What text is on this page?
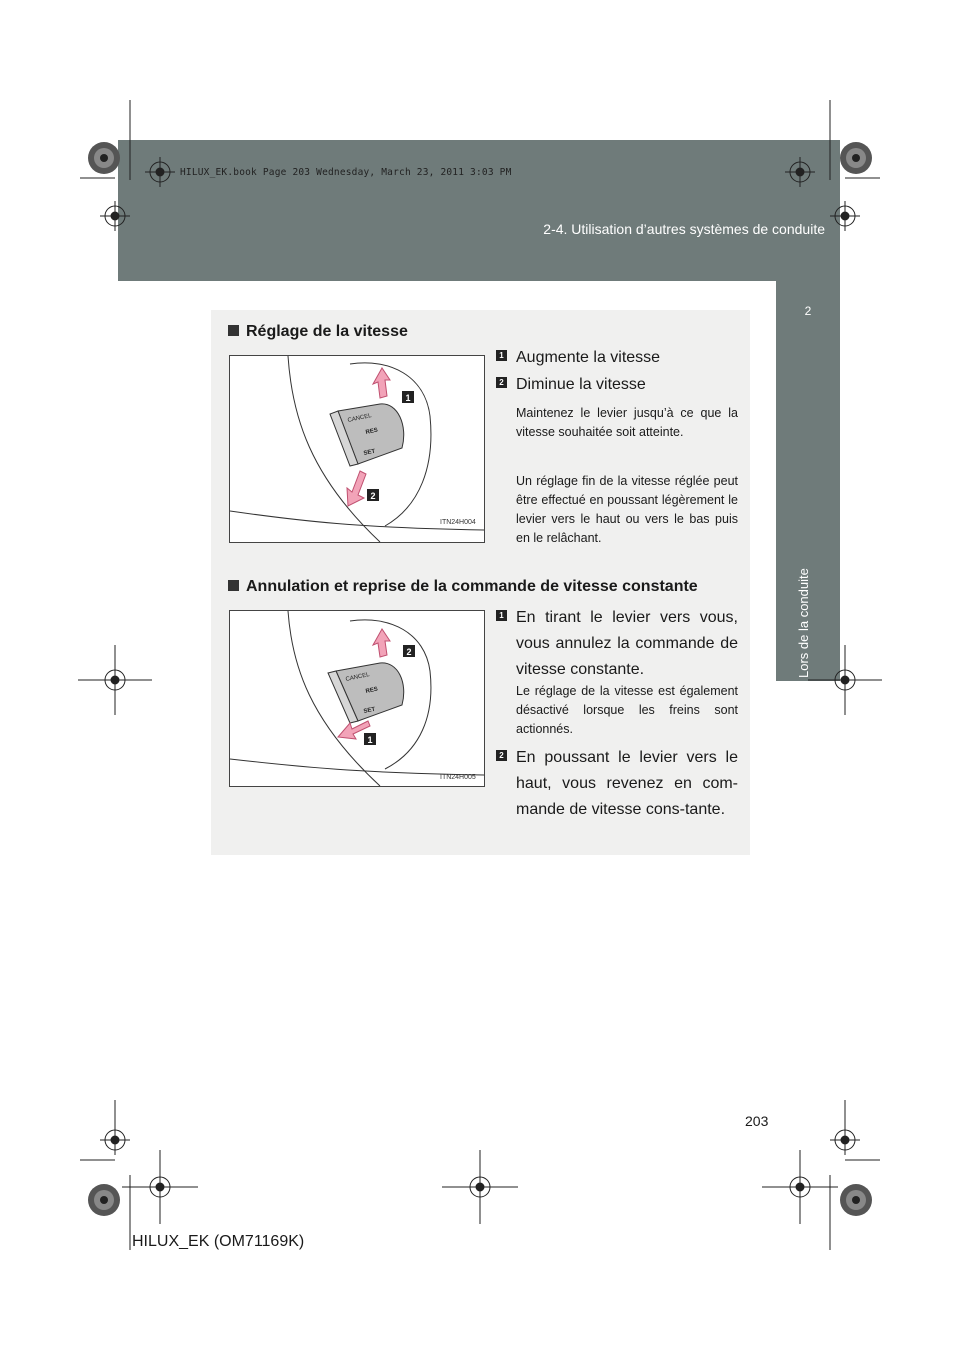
HILUX_EK.book Page 203 Wednesday, March 23, 2011 3:03 PM
2-4. Utilisation d’autres systèmes de conduite
2
Lors de la conduite
Réglage de la vitesse
CANCEL
RES
SET
1
2
ITN24H004
1 Augmente la vitesse
2 Diminue la vitesse
Maintenez le levier jusqu’à ce que la vitesse souhaitée soit atteinte.
Un réglage fin de la vitesse réglée peut être effectué en poussant légèrement le levier vers le haut ou vers le bas puis en le relâchant.
Annulation et reprise de la commande de vitesse constante
CANCEL
RES
SET
2
1
ITN24H005
1 En tirant le levier vers vous, vous annulez la commande de vitesse constante.
Le réglage de la vitesse est également désactivé lorsque les freins sont actionnés.
2 En poussant le levier vers le haut, vous revenez en com-mande de vitesse cons-tante.
203
HILUX_EK (OM71169K)
